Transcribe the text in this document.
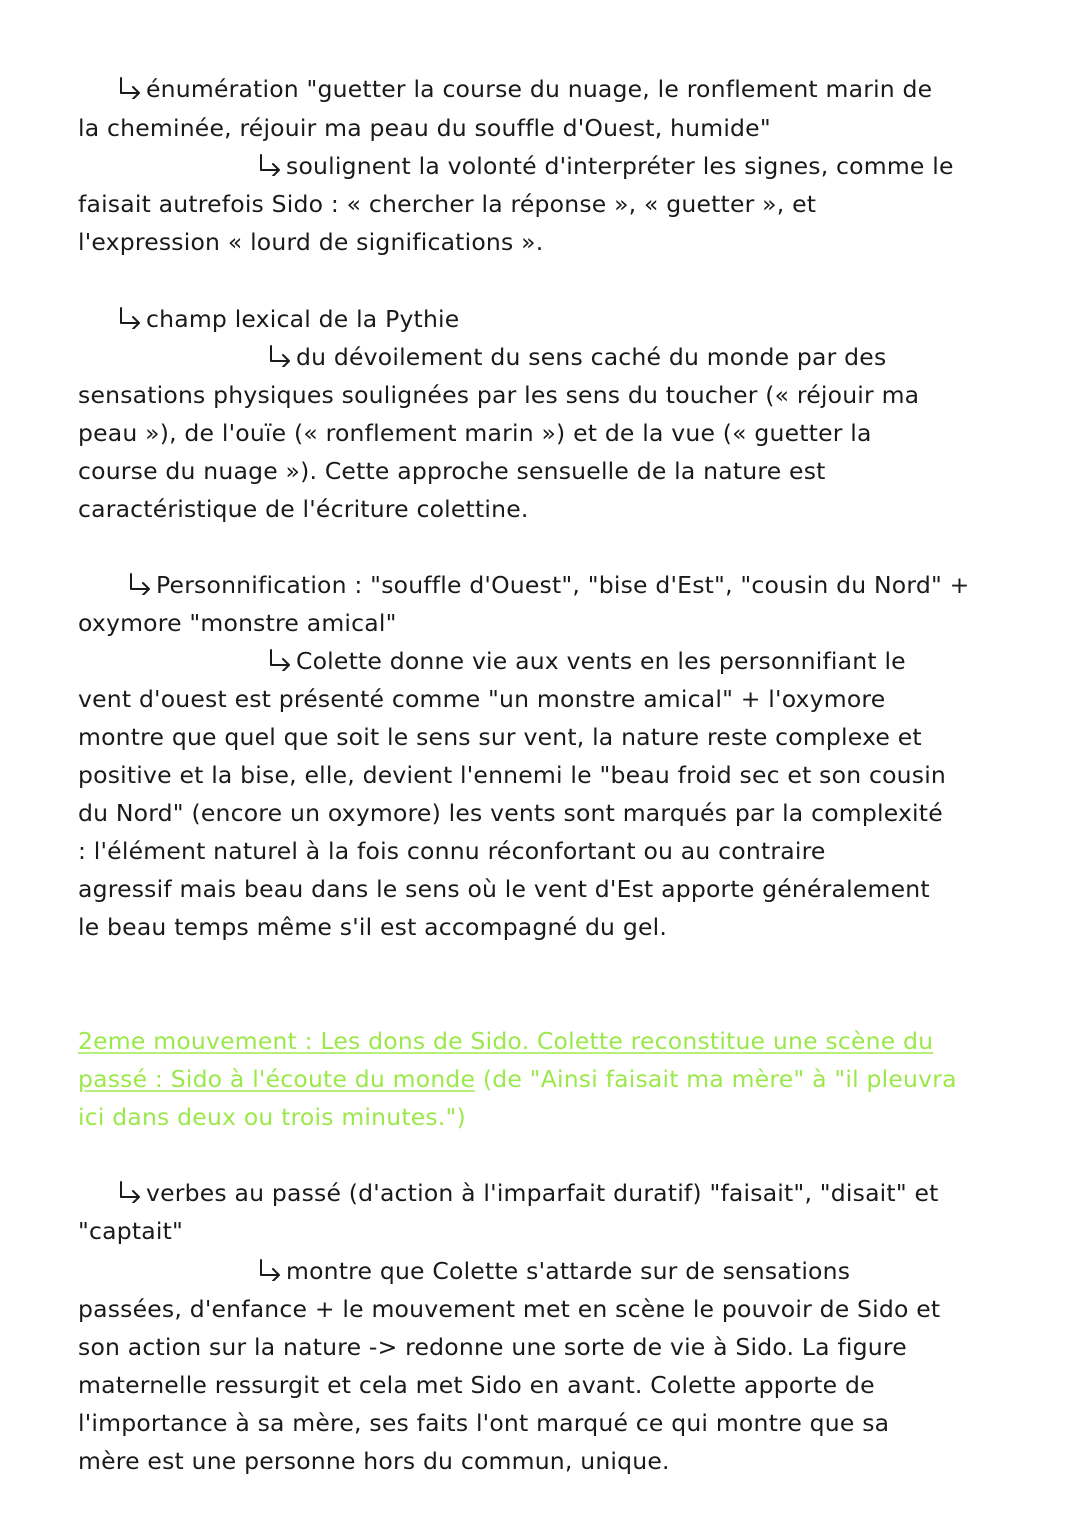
énumération "guetter la course du nuage, le ronflement marin de
la cheminée, réjouir ma peau du souffle d'Ouest, humide"
soulignent la volonté d'interpréter les signes, comme le
faisait autrefois Sido : « chercher la réponse », « guetter », et
l'expression « lourd de significations ».
champ lexical de la Pythie
du dévoilement du sens caché du monde par des
sensations physiques soulignées par les sens du toucher (« réjouir ma
peau »), de l'ouïe (« ronflement marin ») et de la vue (« guetter la
course du nuage »). Cette approche sensuelle de la nature est
caractéristique de l'écriture colettine.
Personnification : "souffle d'Ouest", "bise d'Est", "cousin du Nord" +
oxymore "monstre amical"
Colette donne vie aux vents en les personnifiant le
vent d'ouest est présenté comme "un monstre amical" + l'oxymore
montre que quel que soit le sens sur vent, la nature reste complexe et
positive et la bise, elle, devient l'ennemi le "beau froid sec et son cousin
du Nord" (encore un oxymore) les vents sont marqués par la complexité
: l'élément naturel à la fois connu réconfortant ou au contraire
agressif mais beau dans le sens où le vent d'Est apporte généralement
le beau temps même s'il est accompagné du gel.
2eme mouvement : Les dons de Sido. Colette reconstitue une scène du
passé : Sido à l'écoute du monde (de "Ainsi faisait ma mère" à "il pleuvra
ici dans deux ou trois minutes.")
verbes au passé (d'action à l'imparfait duratif) "faisait", "disait" et
"captait"
montre que Colette s'attarde sur de sensations
passées, d'enfance + le mouvement met en scène le pouvoir de Sido et
son action sur la nature -> redonne une sorte de vie à Sido. La figure
maternelle ressurgit et cela met Sido en avant. Colette apporte de
l'importance à sa mère, ses faits l'ont marqué ce qui montre que sa
mère est une personne hors du commun, unique.
